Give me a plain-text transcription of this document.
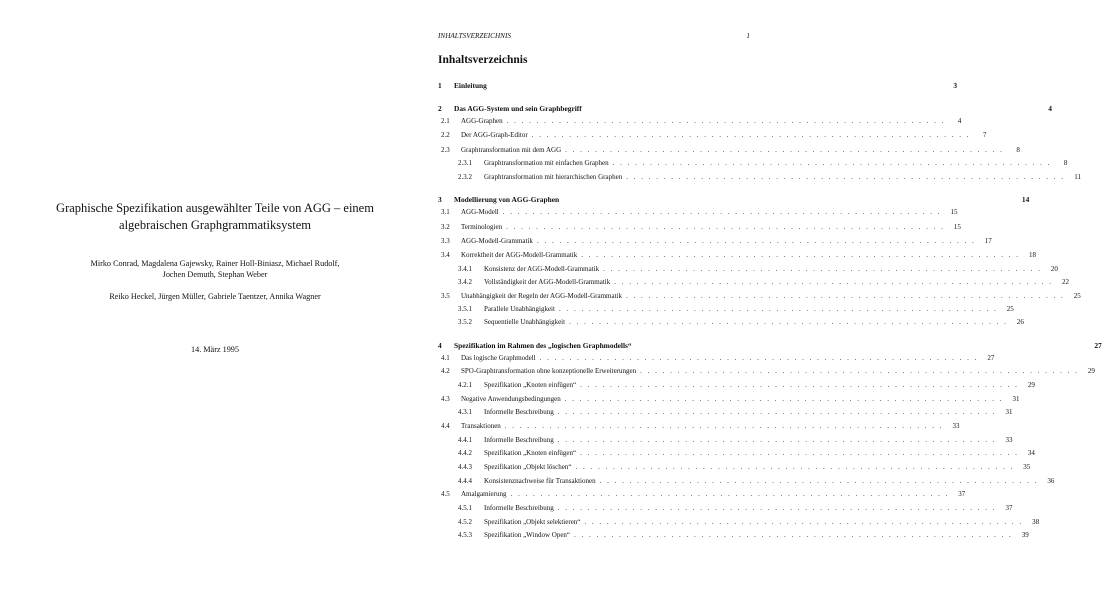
Graphische Spezifikation ausgewählter Teile von AGG – einem
algebraischen Graphgrammatiksystem
Mirko Conrad, Magdalena Gajewsky, Rainer Holl-Biniasz, Michael Rudolf,
Jochen Demuth, Stephan Weber
Reiko Heckel, Jürgen Müller, Gabriele Taentzer, Annika Wagner
14. März 1995
INHALTSVERZEICHNIS	1
Inhaltsverzeichnis
1	Einleitung	3
2	Das AGG-System und sein Graphbegriff	4
2.1	AGG-Graphen . . . . . . . . . . . . . . . . . . . . . . . . . . . . . . . . . . . . . . . . . . . . . . . . . . . . . . . . . . .	4
2.2	Der AGG-Graph-Editor . . . . . . . . . . . . . . . . . . . . . . . . . . . . . . . . . . . . . . . . . . . . . . . . . . . . . . . . . . .	7
2.3	Graphtransformation mit dem AGG . . . . . . . . . . . . . . . . . . . . . . . . . . . . . . . . . . . . . . . . . . . . . . . . . . . . . . . . . . .	8
2.3.1	Graphtransformation mit einfachen Graphen . . . . . . . . . . . . . . . . . . . . . . . . . . . . . . . . . . . . . . . . . . . . . . . . . . . . . . . . . . .	8
2.3.2	Graphtransformation mit hierarchischen Graphen . . . . . . . . . . . . . . . . . . . . . . . . . . . . . . . . . . . . . . . . . . . . . . . . . . . . . . . . . . .	11
3	Modellierung von AGG-Graphen	14
3.1	AGG-Modell . . . . . . . . . . . . . . . . . . . . . . . . . . . . . . . . . . . . . . . . . . . . . . . . . . . . . . . . . . .	15
3.2	Terminologien . . . . . . . . . . . . . . . . . . . . . . . . . . . . . . . . . . . . . . . . . . . . . . . . . . . . . . . . . . .	15
3.3	AGG-Modell-Grammatik . . . . . . . . . . . . . . . . . . . . . . . . . . . . . . . . . . . . . . . . . . . . . . . . . . . . . . . . . . .	17
3.4	Korrektheit der AGG-Modell-Grammatik . . . . . . . . . . . . . . . . . . . . . . . . . . . . . . . . . . . . . . . . . . . . . . . . . . . . . . . . . . .	18
3.4.1	Konsistenz der AGG-Modell-Grammatik . . . . . . . . . . . . . . . . . . . . . . . . . . . . . . . . . . . . . . . . . . . . . . . . . . . . . . . . . . .	20
3.4.2	Vollständigkeit der AGG-Modell-Grammatik . . . . . . . . . . . . . . . . . . . . . . . . . . . . . . . . . . . . . . . . . . . . . . . . . . . . . . . . . . .	22
3.5	Unabhängigkeit der Regeln der AGG-Modell-Grammatik . . . . . . . . . . . . . . . . . . . . . . . . . . . . . . . . . . . . . . . . . . . . . . . . . . . . . . . . . . .	25
3.5.1	Parallele Unabhängigkeit . . . . . . . . . . . . . . . . . . . . . . . . . . . . . . . . . . . . . . . . . . . . . . . . . . . . . . . . . . .	25
3.5.2	Sequentielle Unabhängigkeit . . . . . . . . . . . . . . . . . . . . . . . . . . . . . . . . . . . . . . . . . . . . . . . . . . . . . . . . . . .	26
4	Spezifikation im Rahmen des „logischen Graphmodells“	27
4.1	Das logische Graphmodell . . . . . . . . . . . . . . . . . . . . . . . . . . . . . . . . . . . . . . . . . . . . . . . . . . . . . . . . . . .	27
4.2	SPO-Graphtransformation ohne konzeptionelle Erweiterungen . . . . . . . . . . . . . . . . . . . . . . . . . . . . . . . . . . . . . . . . . . . . . . . . . . . . . . . . . . .	29
4.2.1	Spezifikation „Knoten einfügen“ . . . . . . . . . . . . . . . . . . . . . . . . . . . . . . . . . . . . . . . . . . . . . . . . . . . . . . . . . . .	29
4.3	Negative Anwendungsbedingungen . . . . . . . . . . . . . . . . . . . . . . . . . . . . . . . . . . . . . . . . . . . . . . . . . . . . . . . . . . .	31
4.3.1	Informelle Beschreibung . . . . . . . . . . . . . . . . . . . . . . . . . . . . . . . . . . . . . . . . . . . . . . . . . . . . . . . . . . .	31
4.4	Transaktionen . . . . . . . . . . . . . . . . . . . . . . . . . . . . . . . . . . . . . . . . . . . . . . . . . . . . . . . . . . .	33
4.4.1	Informelle Beschreibung . . . . . . . . . . . . . . . . . . . . . . . . . . . . . . . . . . . . . . . . . . . . . . . . . . . . . . . . . . .	33
4.4.2	Spezifikation „Knoten einfügen“ . . . . . . . . . . . . . . . . . . . . . . . . . . . . . . . . . . . . . . . . . . . . . . . . . . . . . . . . . . .	34
4.4.3	Spezifikation „Objekt löschen“ . . . . . . . . . . . . . . . . . . . . . . . . . . . . . . . . . . . . . . . . . . . . . . . . . . . . . . . . . . .	35
4.4.4	Konsistenznachweise für Transaktionen . . . . . . . . . . . . . . . . . . . . . . . . . . . . . . . . . . . . . . . . . . . . . . . . . . . . . . . . . . .	36
4.5	Amalgamierung . . . . . . . . . . . . . . . . . . . . . . . . . . . . . . . . . . . . . . . . . . . . . . . . . . . . . . . . . . .	37
4.5.1	Informelle Beschreibung . . . . . . . . . . . . . . . . . . . . . . . . . . . . . . . . . . . . . . . . . . . . . . . . . . . . . . . . . . .	37
4.5.2	Spezifikation „Objekt selektieren“ . . . . . . . . . . . . . . . . . . . . . . . . . . . . . . . . . . . . . . . . . . . . . . . . . . . . . . . . . . .	38
4.5.3	Spezifikation „Window Open“ . . . . . . . . . . . . . . . . . . . . . . . . . . . . . . . . . . . . . . . . . . . . . . . . . . . . . . . . . . .	39
